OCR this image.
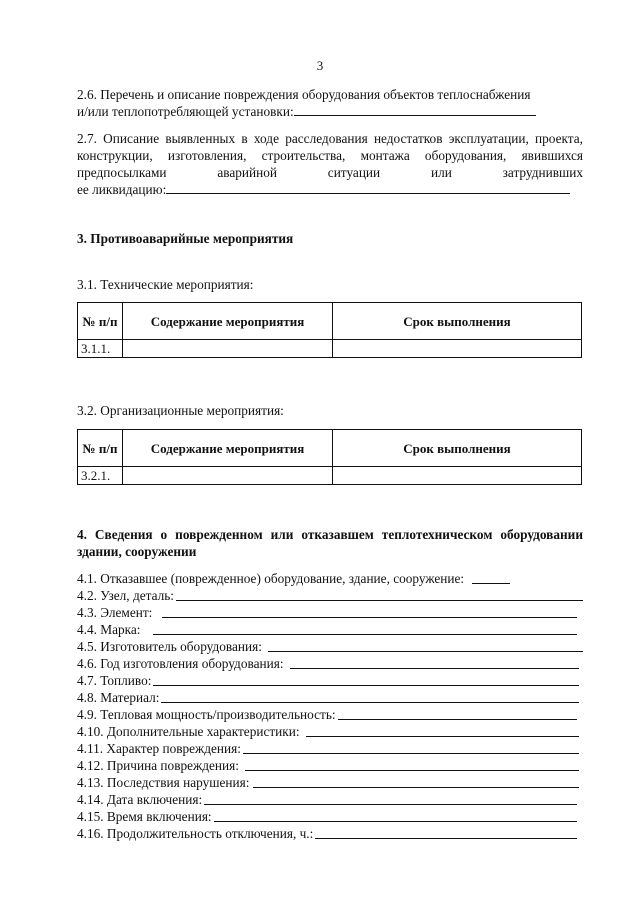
3
2.6. Перечень и описание повреждения оборудования объектов теплоснабжения
и/или теплопотребляющей установки:
2.7. Описание выявленных в ходе расследования недостатков эксплуатации, проекта, конструкции, изготовления, строительства, монтажа оборудования, явившихся предпосылками аварийной ситуации или затруднивших
ее ликвидацию:
3. Противоаварийные мероприятия
3.1. Технические мероприятия:
№ п/п	Содержание мероприятия	Срок выполнения
3.1.1.		
3.2. Организационные мероприятия:
№ п/п	Содержание мероприятия	Срок выполнения
3.2.1.		
4. Сведения о поврежденном или отказавшем теплотехническом оборудовании здании, сооружении
4.1. Отказавшее (поврежденное) оборудование, здание, сооружение:
4.2. Узел, деталь:
4.3. Элемент:
4.4. Марка:
4.5. Изготовитель оборудования:
4.6. Год изготовления оборудования:
4.7. Топливо:
4.8. Материал:
4.9. Тепловая мощность/производительность:
4.10. Дополнительные характеристики:
4.11. Характер повреждения:
4.12. Причина повреждения:
4.13. Последствия нарушения:
4.14. Дата включения:
4.15. Время включения:
4.16. Продолжительность отключения, ч.:
